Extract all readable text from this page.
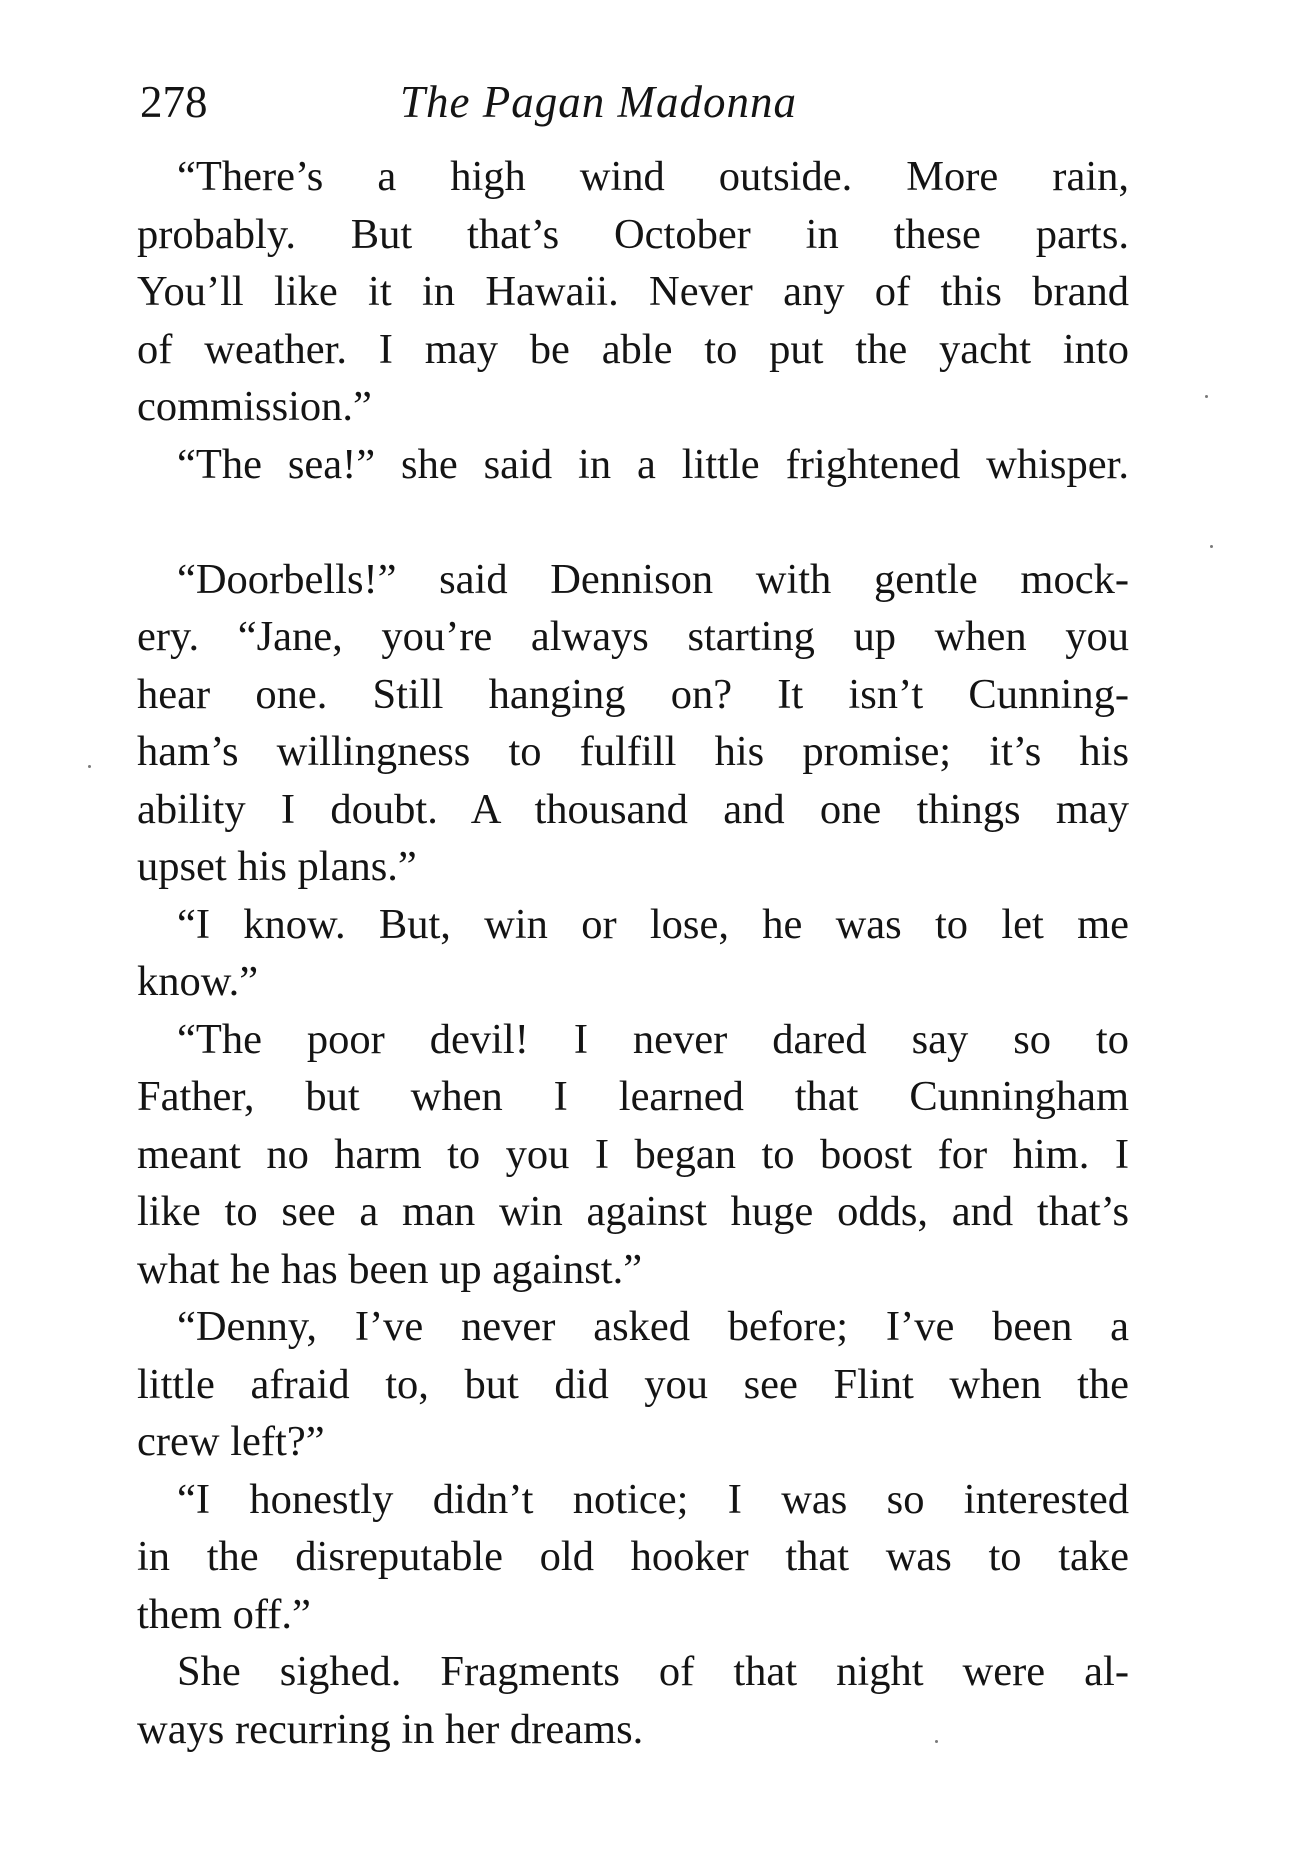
278	The Pagan Madonna
“There’s a high wind outside. More rain,
probably. But that’s October in these parts.
You’ll like it in Hawaii. Never any of this brand
of weather. I may be able to put the yacht into
commission.”
“The sea!” she said in a little frightened whisper.
“Doorbells!” said Dennison with gentle mock-
ery. “Jane, you’re always starting up when you
hear one. Still hanging on? It isn’t Cunning-
ham’s willingness to fulfill his promise; it’s his
ability I doubt. A thousand and one things may
upset his plans.”
“I know. But, win or lose, he was to let me
know.”
“The poor devil! I never dared say so to
Father, but when I learned that Cunningham
meant no harm to you I began to boost for him. I
like to see a man win against huge odds, and that’s
what he has been up against.”
“Denny, I’ve never asked before; I’ve been a
little afraid to, but did you see Flint when the
crew left?”
“I honestly didn’t notice; I was so interested
in the disreputable old hooker that was to take
them off.”
She sighed. Fragments of that night were al-
ways recurring in her dreams.
